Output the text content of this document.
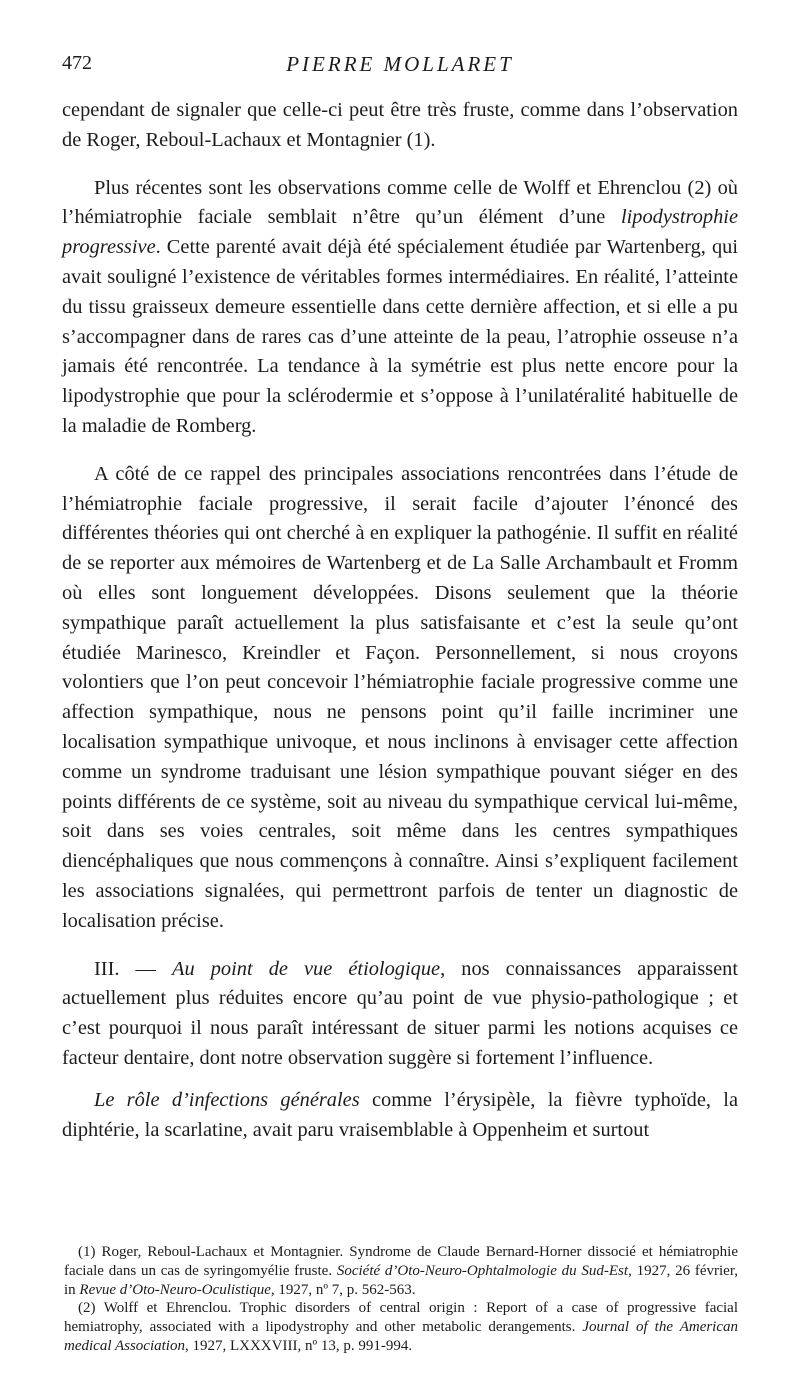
472	PIERRE MOLLARET

cependant de signaler que celle-ci peut être très fruste, comme dans l’observation de Roger, Reboul-Lachaux et Montagnier (1).

Plus récentes sont les observations comme celle de Wolff et Ehrenclou (2) où l’hémiatrophie faciale semblait n’être qu’un élément d’une lipodystrophie progressive. Cette parenté avait déjà été spécialement étudiée par Wartenberg, qui avait souligné l’existence de véritables formes intermédiaires. En réalité, l’atteinte du tissu graisseux demeure essentielle dans cette dernière affection, et si elle a pu s’accompagner dans de rares cas d’une atteinte de la peau, l’atrophie osseuse n’a jamais été rencontrée. La tendance à la symétrie est plus nette encore pour la lipodystrophie que pour la sclérodermie et s’oppose à l’unilatéralité habituelle de la maladie de Romberg.

A côté de ce rappel des principales associations rencontrées dans l’étude de l’hémiatrophie faciale progressive, il serait facile d’ajouter l’énoncé des différentes théories qui ont cherché à en expliquer la pathogénie. Il suffit en réalité de se reporter aux mémoires de Wartenberg et de La Salle Archambault et Fromm où elles sont longuement développées. Disons seulement que la théorie sympathique paraît actuellement la plus satisfaisante et c’est la seule qu’ont étudiée Marinesco, Kreindler et Façon. Personnellement, si nous croyons volontiers que l’on peut concevoir l’hémiatrophie faciale progressive comme une affection sympathique, nous ne pensons point qu’il faille incriminer une localisation sympathique univoque, et nous inclinons à envisager cette affection comme un syndrome traduisant une lésion sympathique pouvant siéger en des points différents de ce système, soit au niveau du sympathique cervical lui-même, soit dans ses voies centrales, soit même dans les centres sympathiques diencéphaliques que nous commençons à connaître. Ainsi s’expliquent facilement les associations signalées, qui permettront parfois de tenter un diagnostic de localisation précise.

III. — Au point de vue étiologique, nos connaissances apparaissent actuellement plus réduites encore qu’au point de vue physio-pathologique ; et c’est pourquoi il nous paraît intéressant de situer parmi les notions acquises ce facteur dentaire, dont notre observation suggère si fortement l’influence.

Le rôle d’infections générales comme l’érysipèle, la fièvre typhoïde, la diphtérie, la scarlatine, avait paru vraisemblable à Oppenheim et surtout

(1) Roger, Reboul-Lachaux et Montagnier. Syndrome de Claude Bernard-Horner dissocié et hémiatrophie faciale dans un cas de syringomyélie fruste. Société d’Oto-Neuro-Ophtalmologie du Sud-Est, 1927, 26 février, in Revue d’Oto-Neuro-Oculistique, 1927, nº 7, p. 562-563.

(2) Wolff et Ehrenclou. Trophic disorders of central origin : Report of a case of progressive facial hemiatrophy, associated with a lipodystrophy and other metabolic derangements. Journal of the American medical Association, 1927, LXXXVIII, nº 13, p. 991-994.
